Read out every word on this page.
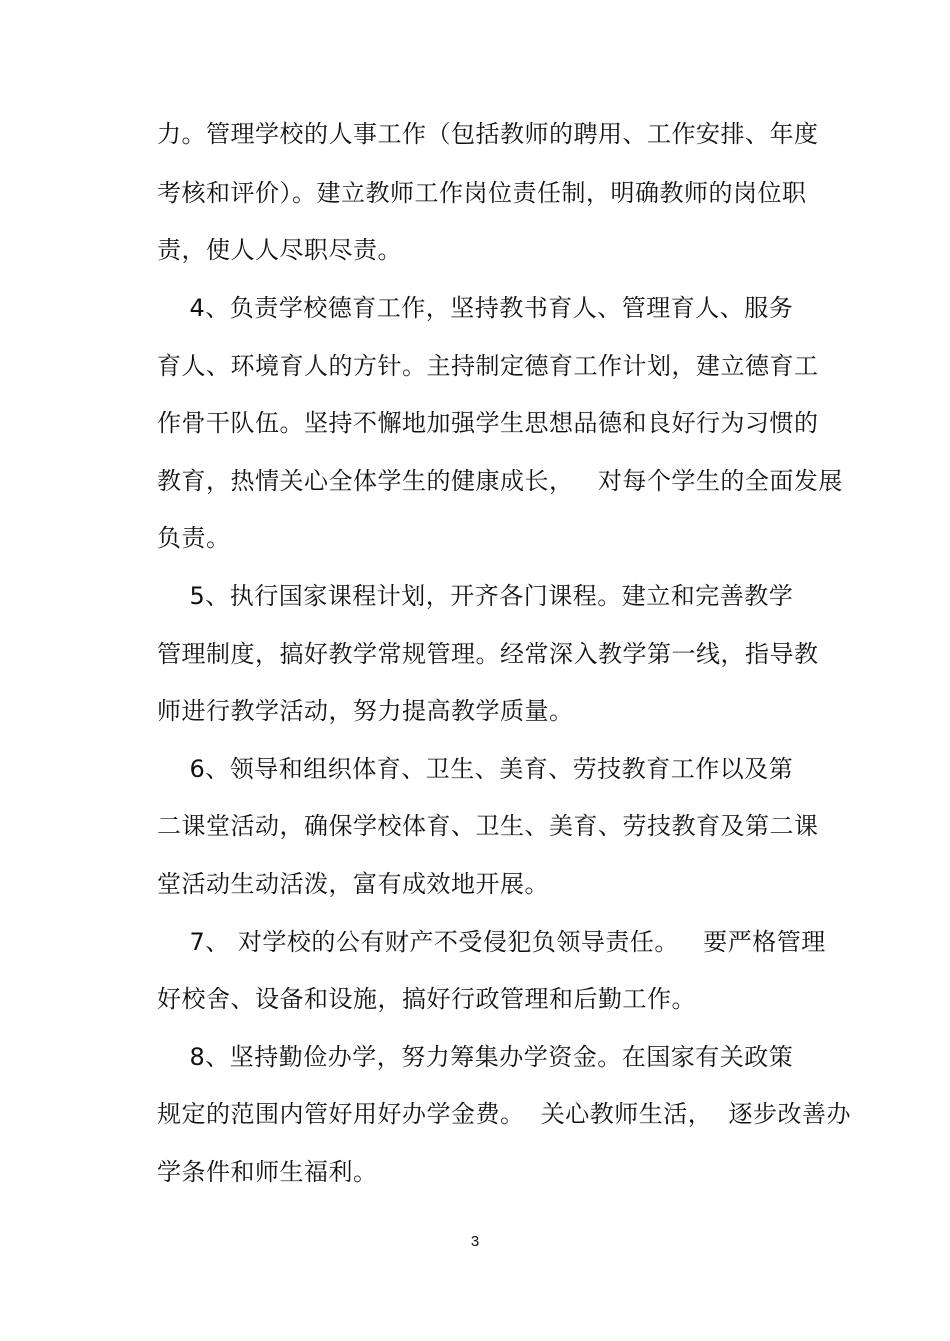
力。管理学校的人事工作（包括教师的聘用、工作安排、年度
考核和评价）。建立教师工作岗位责任制，明确教师的岗位职
责，使人人尽职尽责。
4、负责学校德育工作，坚持教书育人、管理育人、服务
育人、环境育人的方针。主持制定德育工作计划，建立德育工
作骨干队伍。坚持不懈地加强学生思想品德和良好行为习惯的
教育，热情关心全体学生的健康成长，   对每个学生的全面发展
负责。
5、执行国家课程计划，开齐各门课程。建立和完善教学
管理制度，搞好教学常规管理。经常深入教学第一线，指导教
师进行教学活动，努力提高教学质量。
6、领导和组织体育、卫生、美育、劳技教育工作以及第
二课堂活动，确保学校体育、卫生、美育、劳技教育及第二课
堂活动生动活泼，富有成效地开展。
7、 对学校的公有财产不受侵犯负领导责任。   要严格管理
好校舍、设备和设施，搞好行政管理和后勤工作。
8、坚持勤俭办学，努力筹集办学资金。在国家有关政策
规定的范围内管好用好办学金费。  关心教师生活，  逐步改善办
学条件和师生福利。
3
